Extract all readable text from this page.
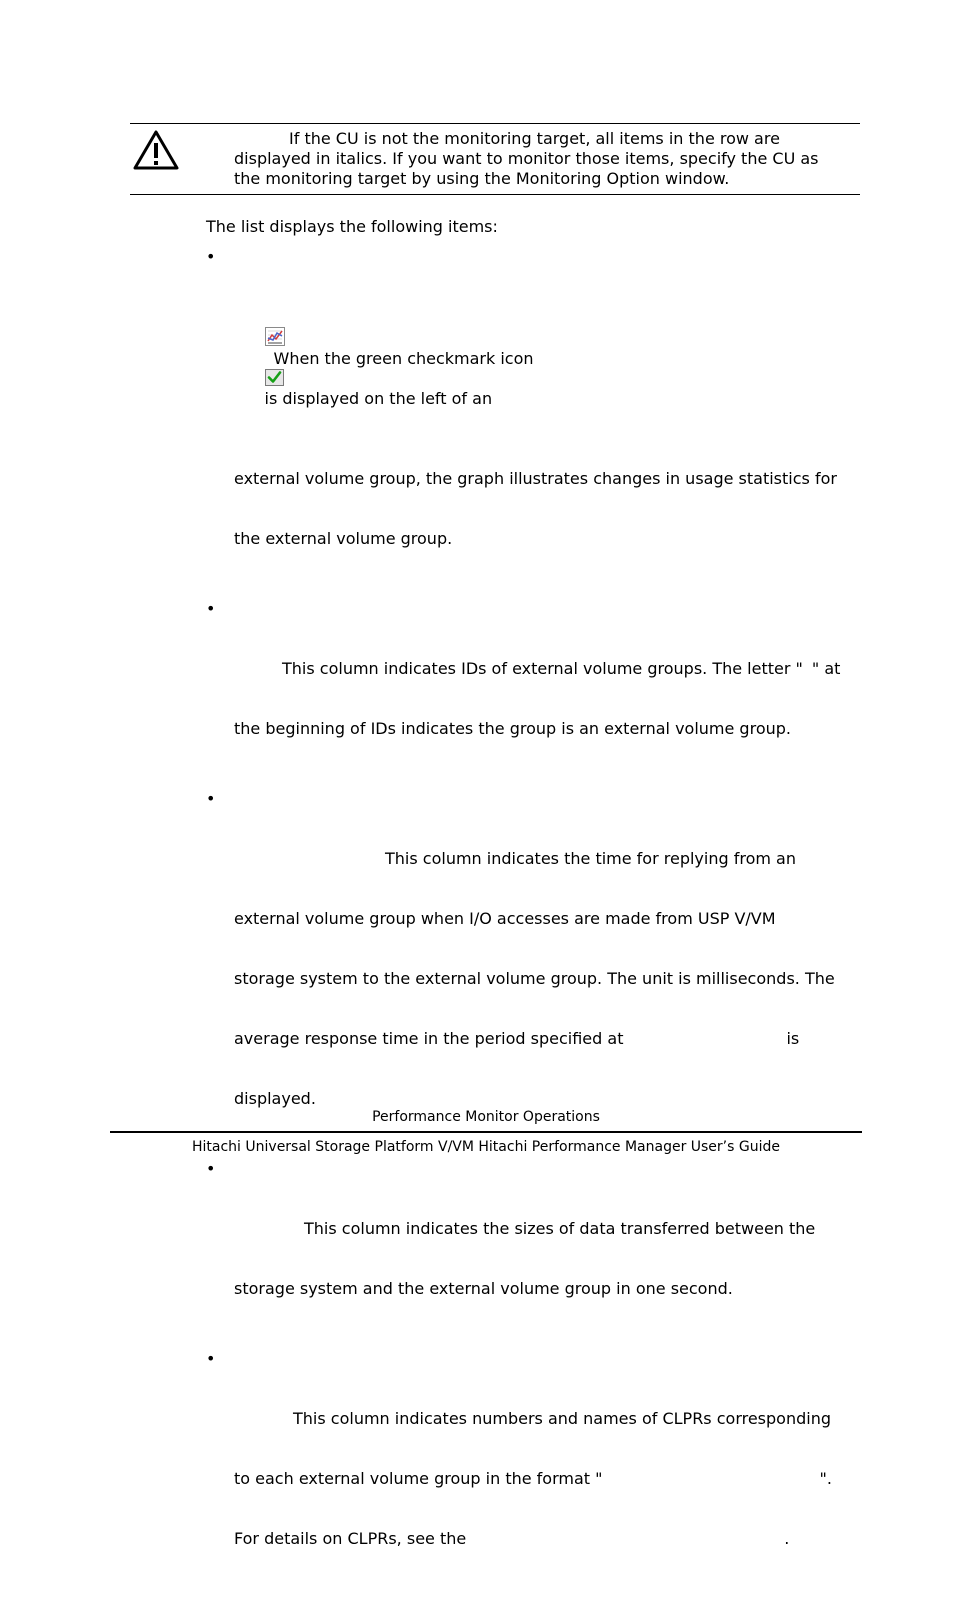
If the CU is not the monitoring target, all items in the row are
displayed in italics. If you want to monitor those items, specify the CU as
the monitoring target by using the Monitoring Option window.
The list displays the following items:

•

When the green checkmark icon

is displayed on the left of an

external volume group, the graph illustrates changes in usage statistics for

the external volume group.

•

This column indicates IDs of external volume groups. The letter " " at

the beginning of IDs indicates the group is an external volume group.

•

This column indicates the time for replying from an

external volume group when I/O accesses are made from USP V/VM

storage system to the external volume group. The unit is milliseconds. The

average response time in the period specified at	is

displayed.

•

This column indicates the sizes of data transferred between the

storage system and the external volume group in one second.

•

This column indicates numbers and names of CLPRs corresponding

to each external volume group in the format "	".

For details on CLPRs, see the	.

Performance Monitor Operations
Hitachi Universal Storage Platform V/VM Hitachi Performance Manager User’s Guide
